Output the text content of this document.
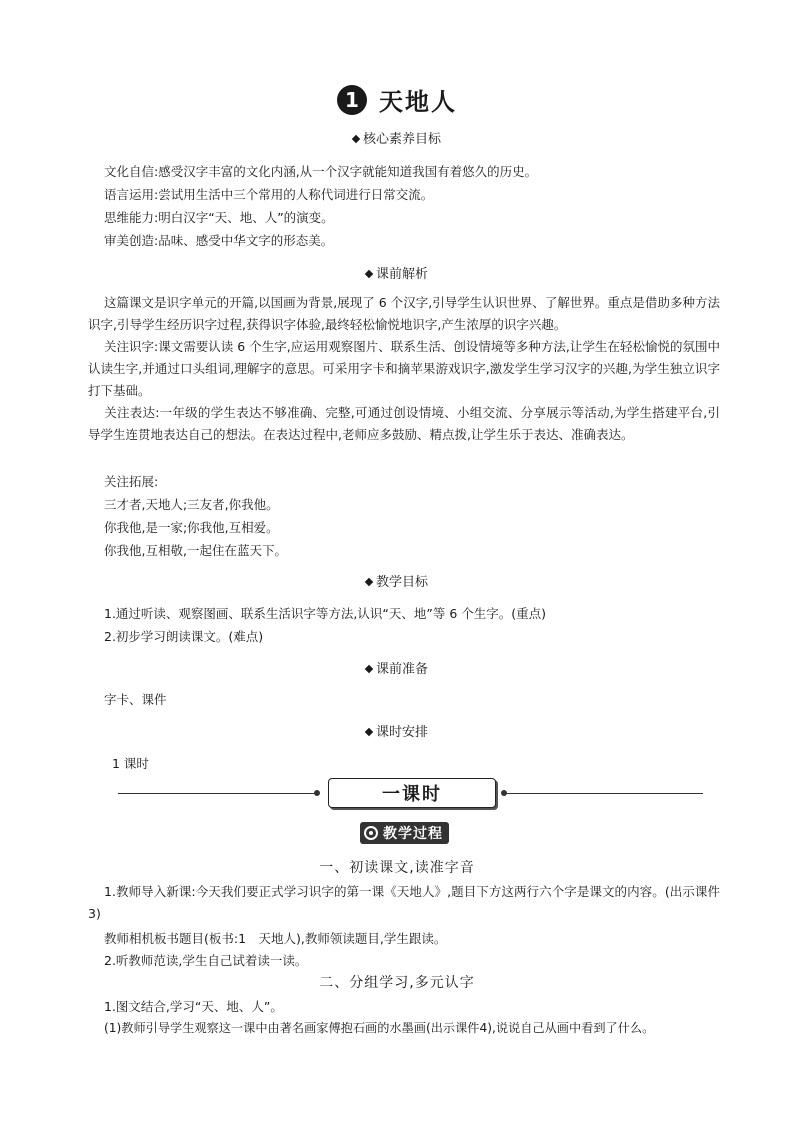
1 天地人
核心素养目标
文化自信:感受汉字丰富的文化内涵,从一个汉字就能知道我国有着悠久的历史。
语言运用:尝试用生活中三个常用的人称代词进行日常交流。
思维能力:明白汉字“天、地、人”的演变。
审美创造:品味、感受中华文字的形态美。
课前解析
这篇课文是识字单元的开篇,以国画为背景,展现了 6 个汉字,引导学生认识世界、了解世界。重点是借助多种方法识字,引导学生经历识字过程,获得识字体验,最终轻松愉悦地识字,产生浓厚的识字兴趣。
关注识字:课文需要认读 6 个生字,应运用观察图片、联系生活、创设情境等多种方法,让学生在轻松愉悦的氛围中认读生字,并通过口头组词,理解字的意思。可采用字卡和摘苹果游戏识字,激发学生学习汉字的兴趣,为学生独立识字打下基础。
关注表达:一年级的学生表达不够准确、完整,可通过创设情境、小组交流、分享展示等活动,为学生搭建平台,引导学生连贯地表达自己的想法。在表达过程中,老师应多鼓励、精点拨,让学生乐于表达、准确表达。
关注拓展:
三才者,天地人;三友者,你我他。
你我他,是一家;你我他,互相爱。
你我他,互相敬,一起住在蓝天下。
教学目标
1.通过听读、观察图画、联系生活识字等方法,认识“天、地”等 6 个生字。(重点)
2.初步学习朗读课文。(难点)
课前准备
字卡、课件
课时安排
1 课时
一课时
教学过程
一、初读课文,读准字音
1.教师导入新课:今天我们要正式学习识字的第一课《天地人》,题目下方这两行六个字是课文的内容。(出示课件 3)
教师相机板书题目(板书:1　天地人),教师领读题目,学生跟读。
2.听教师范读,学生自己试着读一读。
二、分组学习,多元认字
1.图文结合,学习“天、地、人”。
(1)教师引导学生观察这一课中由著名画家傅抱石画的水墨画(出示课件4),说说自己从画中看到了什么。
